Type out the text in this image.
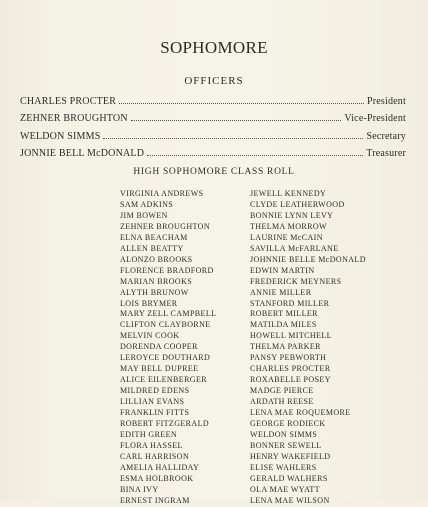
SOPHOMORE
OFFICERS
CHARLES PROCTER	President
ZEHNER BROUGHTON	Vice-President
WELDON SIMMS	Secretary
JONNIE BELL McDONALD	Treasurer
HIGH SOPHOMORE CLASS ROLL
VIRGINIA ANDREWS
SAM ADKINS
JIM BOWEN
ZEHNER BROUGHTON
ELNA BEACHAM
ALLEN BEATTY
ALONZO BROOKS
FLORENCE BRADFORD
MARIAN BROOKS
ALYTH BRUNOW
LOIS BRYMER
MARY ZELL CAMPBELL
CLIFTON CLAYBORNE
MELVIN COOK
DORENDA COOPER
LEROYCE DOUTHARD
MAY BELL DUPREE
ALICE EILENBERGER
MILDRED EDENS
LILLIAN EVANS
FRANKLIN FITTS
ROBERT FITZGERALD
EDITH GREEN
FLORA HASSEL
CARL HARRISON
AMELIA HALLIDAY
ESMA HOLBROOK
BINA IVY
ERNEST INGRAM
JEWELL KENNEDY
CLYDE LEATHERWOOD
BONNIE LYNN LEVY
THELMA MORROW
LAURINE McCAIN
SAVILLA McFARLANE
JOHNNIE BELLE McDONALD
EDWIN MARTIN
FREDERICK MEYNERS
ANNIE MILLER
STANFORD MILLER
ROBERT MILLER
MATILDA MILES
HOWELL MITCHELL
THELMA PARKER
PANSY PEBWORTH
CHARLES PROCTER
ROXABELLE POSEY
MADGE PIERCE
ARDATH REESE
LENA MAE ROQUEMORE
GEORGE RODIECK
WELDON SIMMS
BONNER SEWELL
HENRY WAKEFIELD
ELISE WAHLERS
GERALD WALHERS
OLA MAE WYATT
LENA MAE WILSON
